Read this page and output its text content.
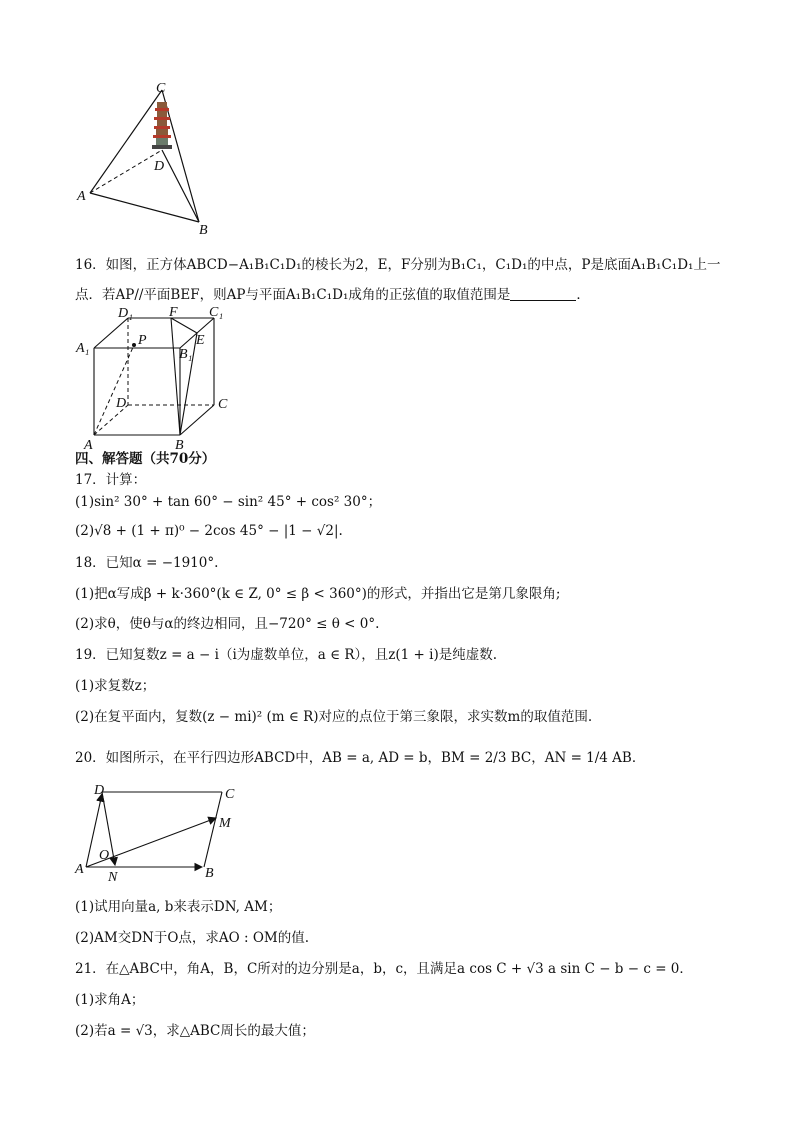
C
D
A
B
16．如图，正方体ABCD−A₁B₁C₁D₁的棱长为2，E，F分别为B₁C₁，C₁D₁的中点，P是底面A₁B₁C₁D₁上一
点．若AP//平面BEF，则AP与平面A₁B₁C₁D₁成角的正弦值的取值范围是	．
D₁	F C₁
A₁
P
B₁
E
D	C
A	B
四、解答题（共70分）
17．计算：
(1)sin² 30° + tan 60° − sin² 45° + cos² 30°；
(2)√8 + (1 + π)⁰ − 2cos 45° − |1 − √2|.
18．已知α = −1910°.
(1)把α写成β + k·360°(k ∈ Z, 0° ≤ β < 360°)的形式，并指出它是第几象限角;
(2)求θ，使θ与α的终边相同，且−720° ≤ θ < 0°.
19．已知复数z = a − i（i为虚数单位，a ∈ R），且z(1 + i)是纯虚数.
(1)求复数z；
(2)在复平面内，复数(z − mi)² (m ∈ R)对应的点位于第三象限，求实数m的取值范围.
20．如图所示，在平行四边形ABCD中，AB = a, AD = b，BM = 2/3 BC，AN = 1/4 AB．
D	C
M
O
A
N	B
(1)试用向量a, b来表示DN, AM；
(2)AM交DN于O点，求AO : OM的值.
21．在△ABC中，角A，B，C所对的边分别是a，b，c，且满足a cos C + √3 a sin C − b − c = 0．
(1)求角A；
(2)若a = √3，求△ABC周长的最大值；
